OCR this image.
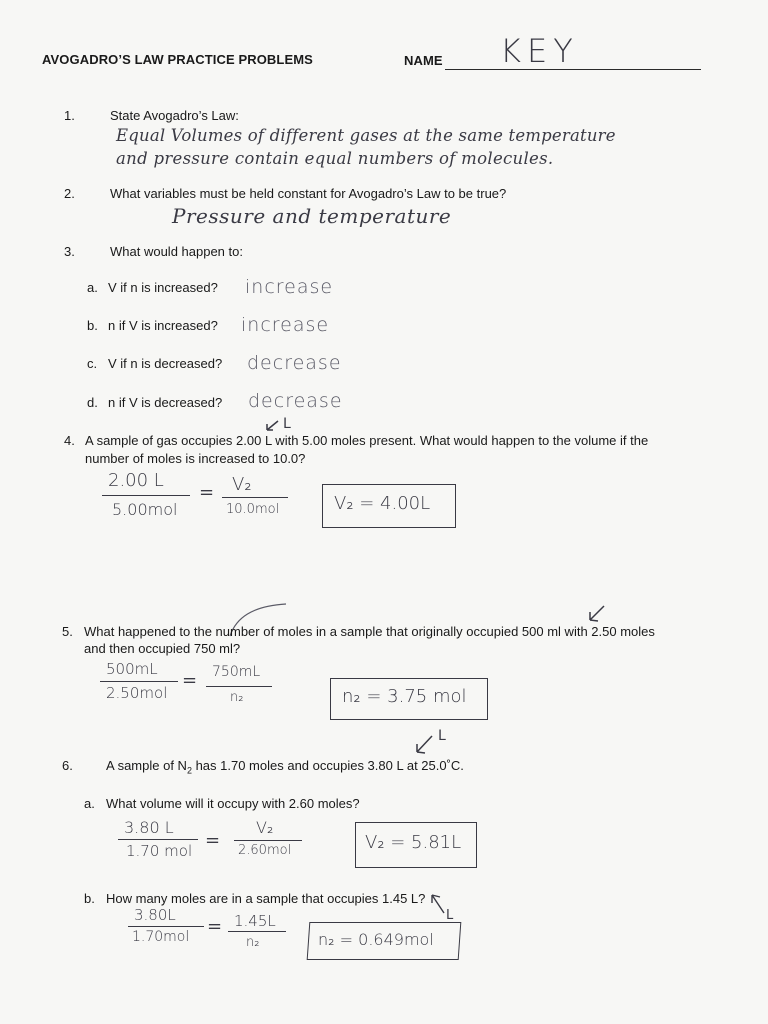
AVOGADRO’S LAW PRACTICE PROBLEMS	NAME KEY
1.	State Avogadro’s Law:
Equal Volumes of different gases at the same temperature
and pressure contain equal numbers of molecules.
2.	What variables must be held constant for Avogadro’s Law to be true?
Pressure and temperature
3.	What would happen to:
a. V if n is increased? increase
b. n if V is increased? increase
c. V if n is decreased? decrease
d. n if V is decreased? decrease
L
4. A sample of gas occupies 2.00 L with 5.00 moles present. What would happen to the volume if the
number of moles is increased to 10.0?
2.00 L
5.00mol
= V₂
10.0mol	V₂ = 4.00L
5. What happened to the number of moles in a sample that originally occupied 500 ml with 2.50 moles
and then occupied 750 ml?
500mL
2.50mol
= 750mL
n₂	n₂ = 3.75 mol
L
6.	A sample of $N_2$ has 1.70 moles and occupies 3.80 L at 25.0˚C.
a. What volume will it occupy with 2.60 moles?
3.80 L
1.70 mol =
V₂
2.60mol	V₂ = 5.81L
b. How many moles are in a sample that occupies 1.45 L?
L
3.80L
1.70mol = 1.45L
n₂	n₂ = 0.649mol
